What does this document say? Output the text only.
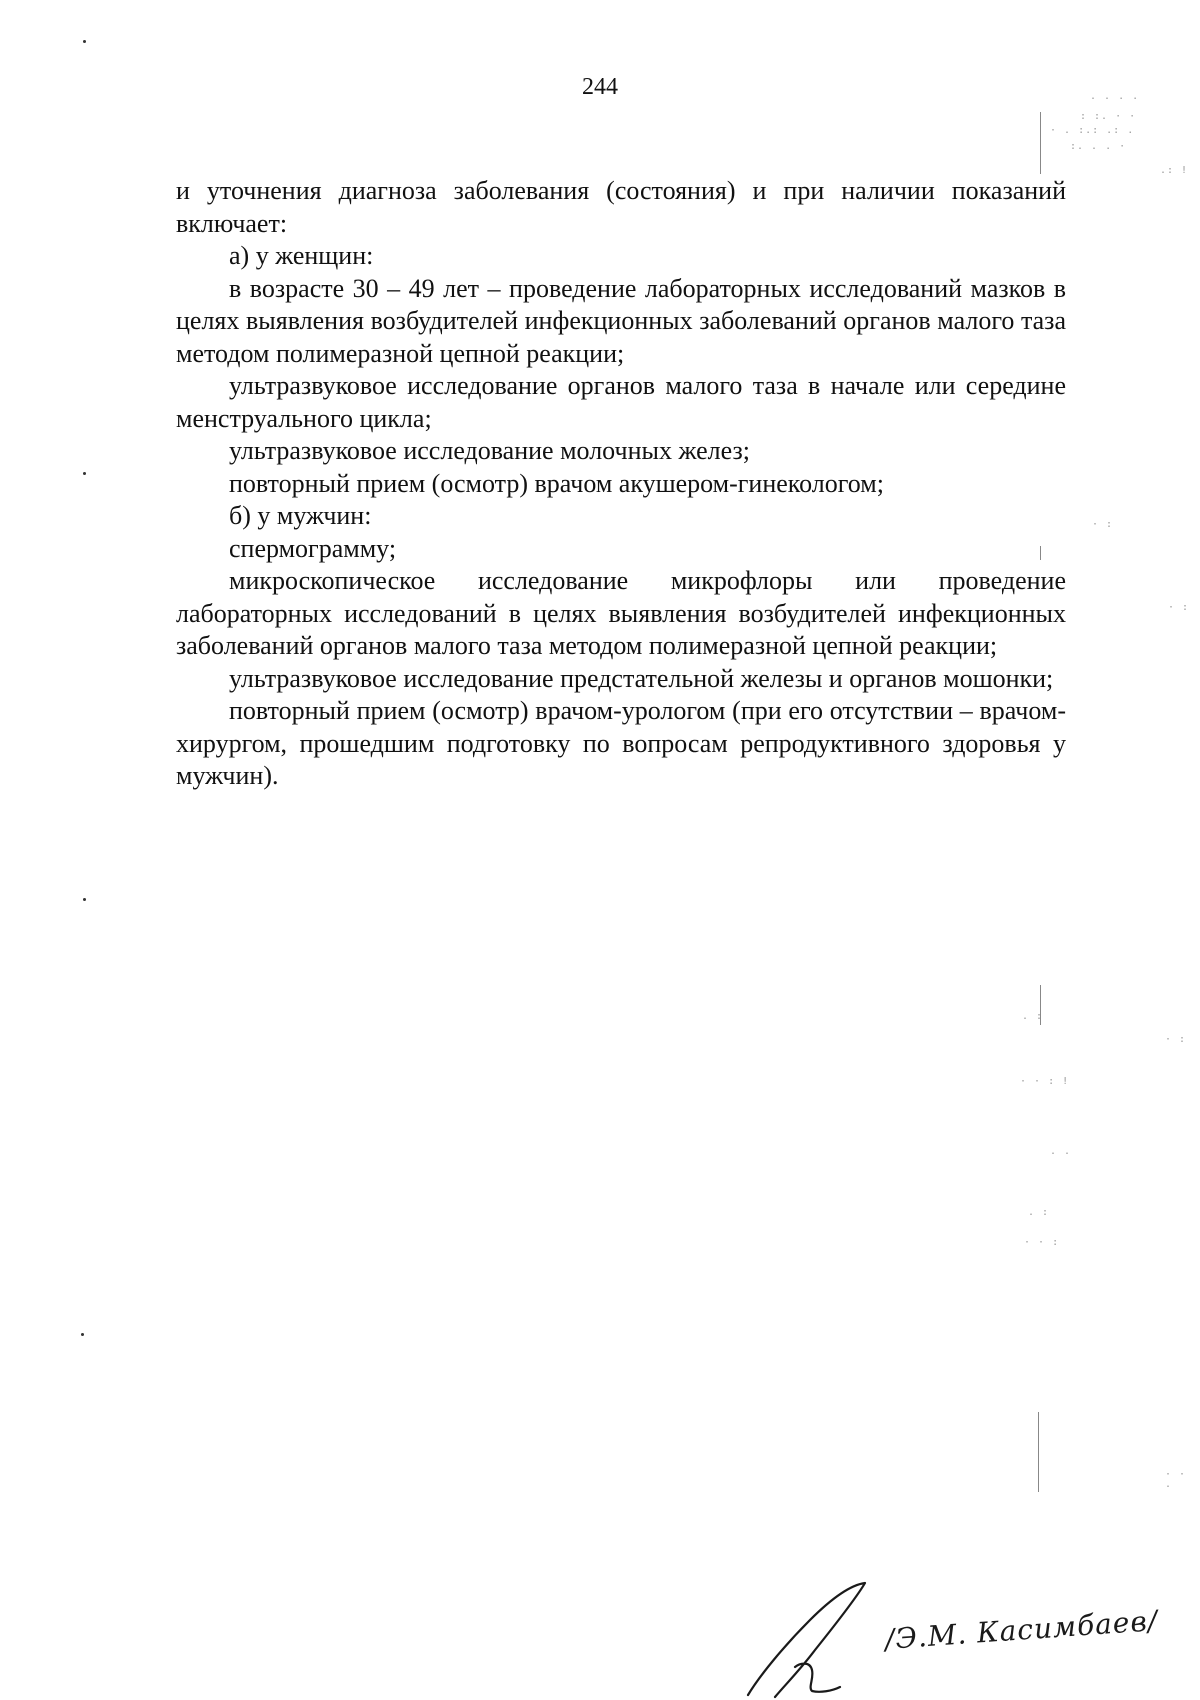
. . . .
: :. · ·
· . :.: .: .
:. . . ·
.: !
· :
· :
. :
· · : !
· :
. .
. :
· · :
· · .
244

и уточнения диагноза заболевания (состояния) и при наличии показаний включает:

а) у женщин:

в возрасте 30 – 49 лет – проведение лабораторных исследований мазков в целях выявления возбудителей инфекционных заболеваний органов малого таза методом полимеразной цепной реакции;

ультразвуковое исследование органов малого таза в начале или середине менструального цикла;

ультразвуковое исследование молочных желез;

повторный прием (осмотр) врачом акушером-гинекологом;

б) у мужчин:

спермограмму;

микроскопическое исследование микрофлоры или проведение лабораторных исследований в целях выявления возбудителей инфекционных заболеваний органов малого таза методом полимеразной цепной реакции;

ультразвуковое исследование предстательной железы и органов мошонки;

повторный прием (осмотр) врачом-урологом (при его отсутствии – врачом-хирургом, прошедшим подготовку по вопросам репродуктивного здоровья у мужчин).

/Э.М. Касимбаев/
